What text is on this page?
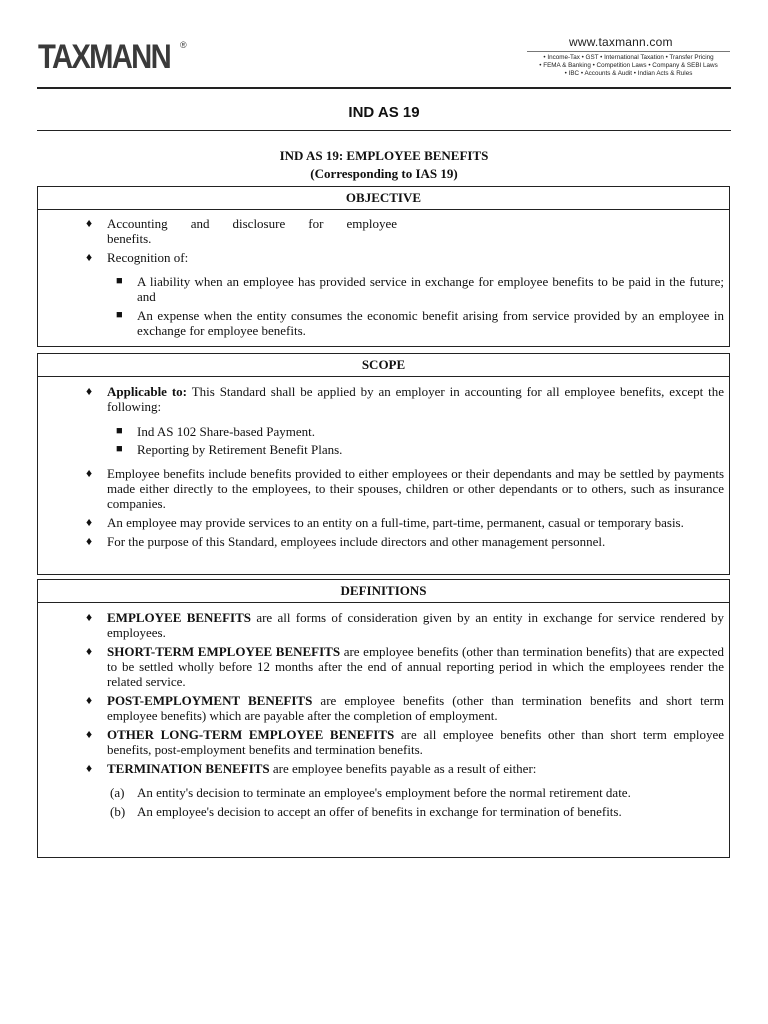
TAXMANN ®	www.taxmann.com
• Income-Tax • GST • International Taxation • Transfer Pricing
• FEMA & Banking • Competition Laws • Company & SEBI Laws
• IBC • Accounts & Audit • Indian Acts & Rules
IND AS 19
IND AS 19: EMPLOYEE BENEFITS
(Corresponding to IAS 19)
OBJECTIVE
♦ Accounting and disclosure for employee
benefits.
♦ Recognition of:
■ A liability when an employee has provided service in exchange for employee benefits to be paid in the future; and
■ An expense when the entity consumes the economic benefit arising from service provided by an employee in exchange for employee benefits.
SCOPE
♦ Applicable to: This Standard shall be applied by an employer in accounting for all employee benefits, except the following:
■ Ind AS 102 Share-based Payment.
■ Reporting by Retirement Benefit Plans.
♦ Employee benefits include benefits provided to either employees or their dependants and may be settled by payments made either directly to the employees, to their spouses, children or other dependants or to others, such as insurance companies.
♦ An employee may provide services to an entity on a full-time, part-time, permanent, casual or temporary basis.
♦ For the purpose of this Standard, employees include directors and other management personnel.
DEFINITIONS
♦ EMPLOYEE BENEFITS are all forms of consideration given by an entity in exchange for service rendered by employees.
♦ SHORT-TERM EMPLOYEE BENEFITS are employee benefits (other than termination benefits) that are expected to be settled wholly before 12 months after the end of annual reporting period in which the employees render the related service.
♦ POST-EMPLOYMENT BENEFITS are employee benefits (other than termination benefits and short term employee benefits) which are payable after the completion of employment.
♦ OTHER LONG-TERM EMPLOYEE BENEFITS are all employee benefits other than short term employee benefits, post-employment benefits and termination benefits.
♦ TERMINATION BENEFITS are employee benefits payable as a result of either:
(a) An entity's decision to terminate an employee's employment before the normal retirement date.
(b) An employee's decision to accept an offer of benefits in exchange for termination of benefits.
